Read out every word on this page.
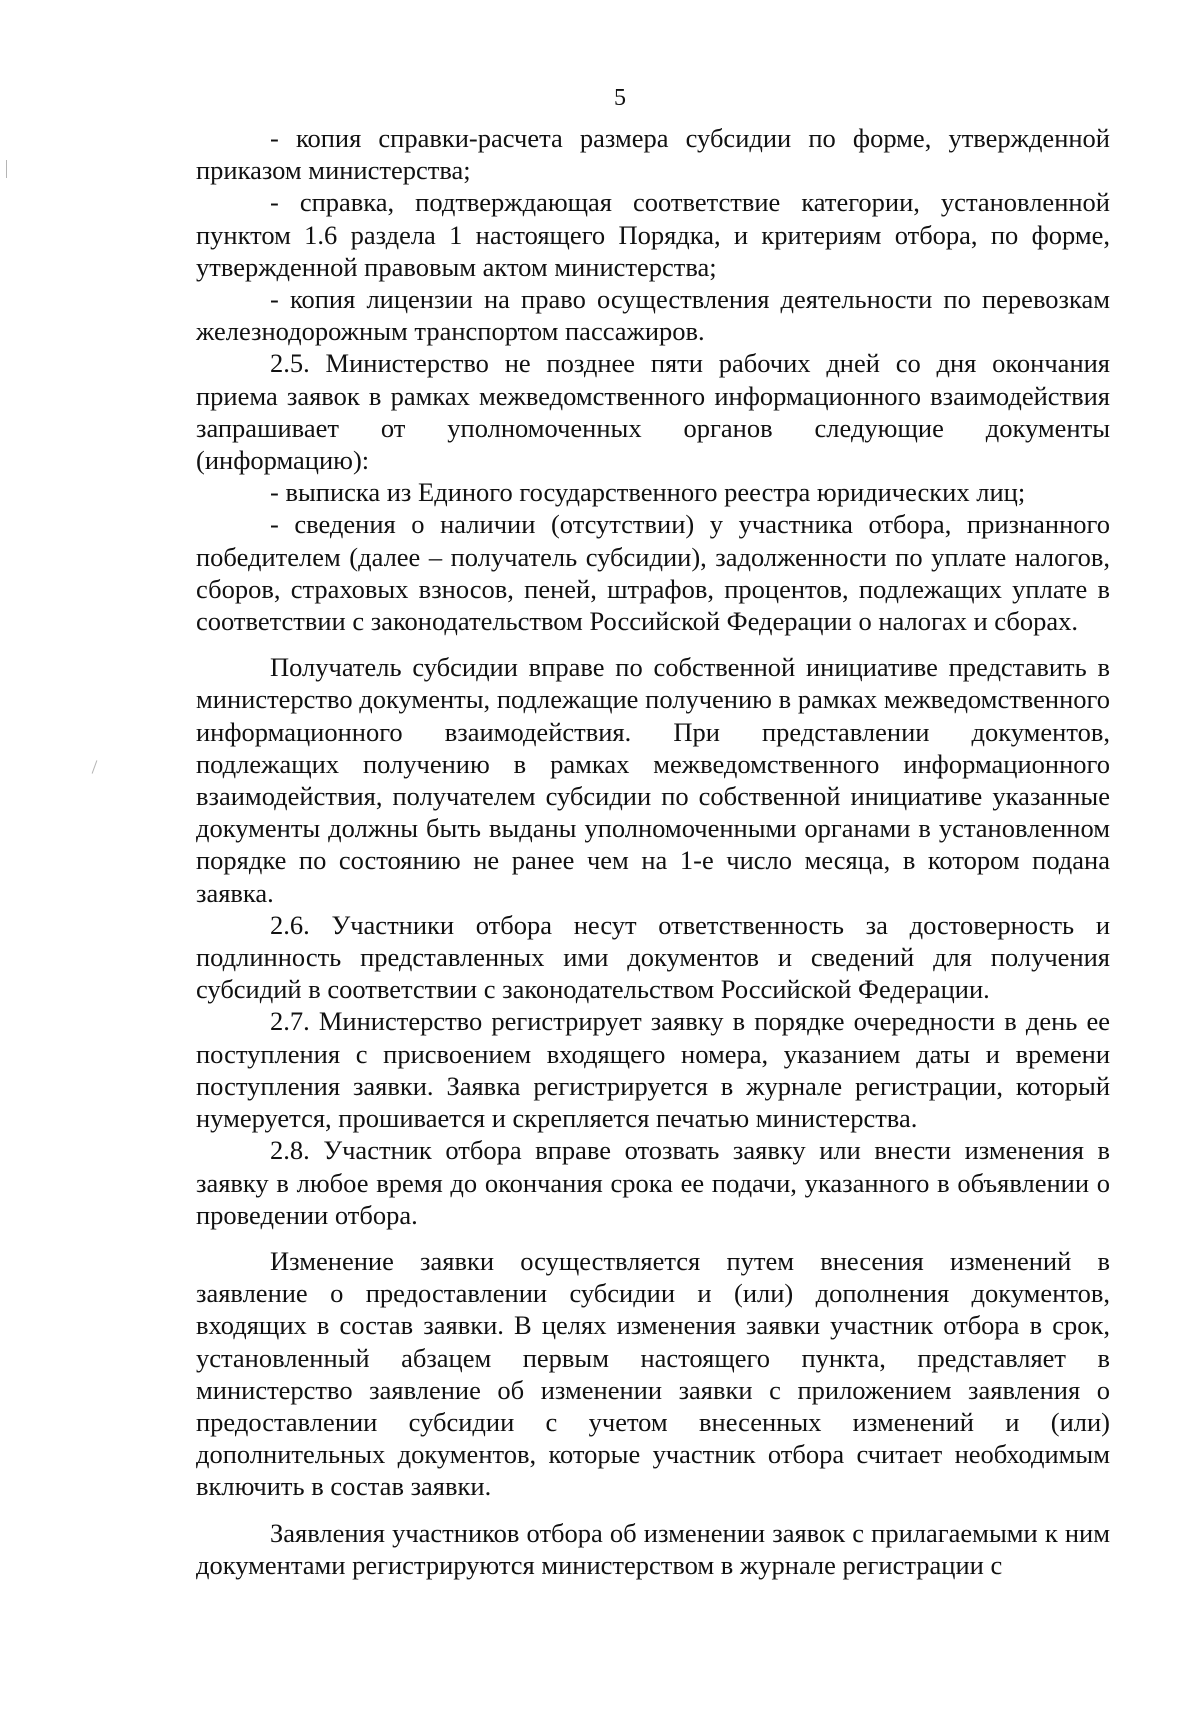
5

- копия справки-расчета размера субсидии по форме, утвержденной приказом министерства;

- справка, подтверждающая соответствие категории, установленной пунктом 1.6 раздела 1 настоящего Порядка, и критериям отбора, по форме, утвержденной правовым актом министерства;

- копия лицензии на право осуществления деятельности по перевозкам железнодорожным транспортом пассажиров.

2.5. Министерство не позднее пяти рабочих дней со дня окончания приема заявок в рамках межведомственного информационного взаимодействия запрашивает от уполномоченных органов следующие документы (информацию):

- выписка из Единого государственного реестра юридических лиц;

- сведения о наличии (отсутствии) у участника отбора, признанного победителем (далее – получатель субсидии), задолженности по уплате налогов, сборов, страховых взносов, пеней, штрафов, процентов, подлежащих уплате в соответствии с законодательством Российской Федерации о налогах и сборах.

Получатель субсидии вправе по собственной инициативе представить в министерство документы, подлежащие получению в рамках межведомственного информационного взаимодействия. При представлении документов, подлежащих получению в рамках межведомственного информационного взаимодействия, получателем субсидии по собственной инициативе указанные документы должны быть выданы уполномоченными органами в установленном порядке по состоянию не ранее чем на 1-е число месяца, в котором подана заявка.

2.6. Участники отбора несут ответственность за достоверность и подлинность представленных ими документов и сведений для получения субсидий в соответствии с законодательством Российской Федерации.

2.7. Министерство регистрирует заявку в порядке очередности в день ее поступления с присвоением входящего номера, указанием даты и времени поступления заявки. Заявка регистрируется в журнале регистрации, который нумеруется, прошивается и скрепляется печатью министерства.

2.8. Участник отбора вправе отозвать заявку или внести изменения в заявку в любое время до окончания срока ее подачи, указанного в объявлении о проведении отбора.

Изменение заявки осуществляется путем внесения изменений в заявление о предоставлении субсидии и (или) дополнения документов, входящих в состав заявки. В целях изменения заявки участник отбора в срок, установленный абзацем первым настоящего пункта, представляет в министерство заявление об изменении заявки с приложением заявления о предоставлении субсидии с учетом внесенных изменений и (или) дополнительных документов, которые участник отбора считает необходимым включить в состав заявки.

Заявления участников отбора об изменении заявок с прилагаемыми к ним документами регистрируются министерством в журнале регистрации с
